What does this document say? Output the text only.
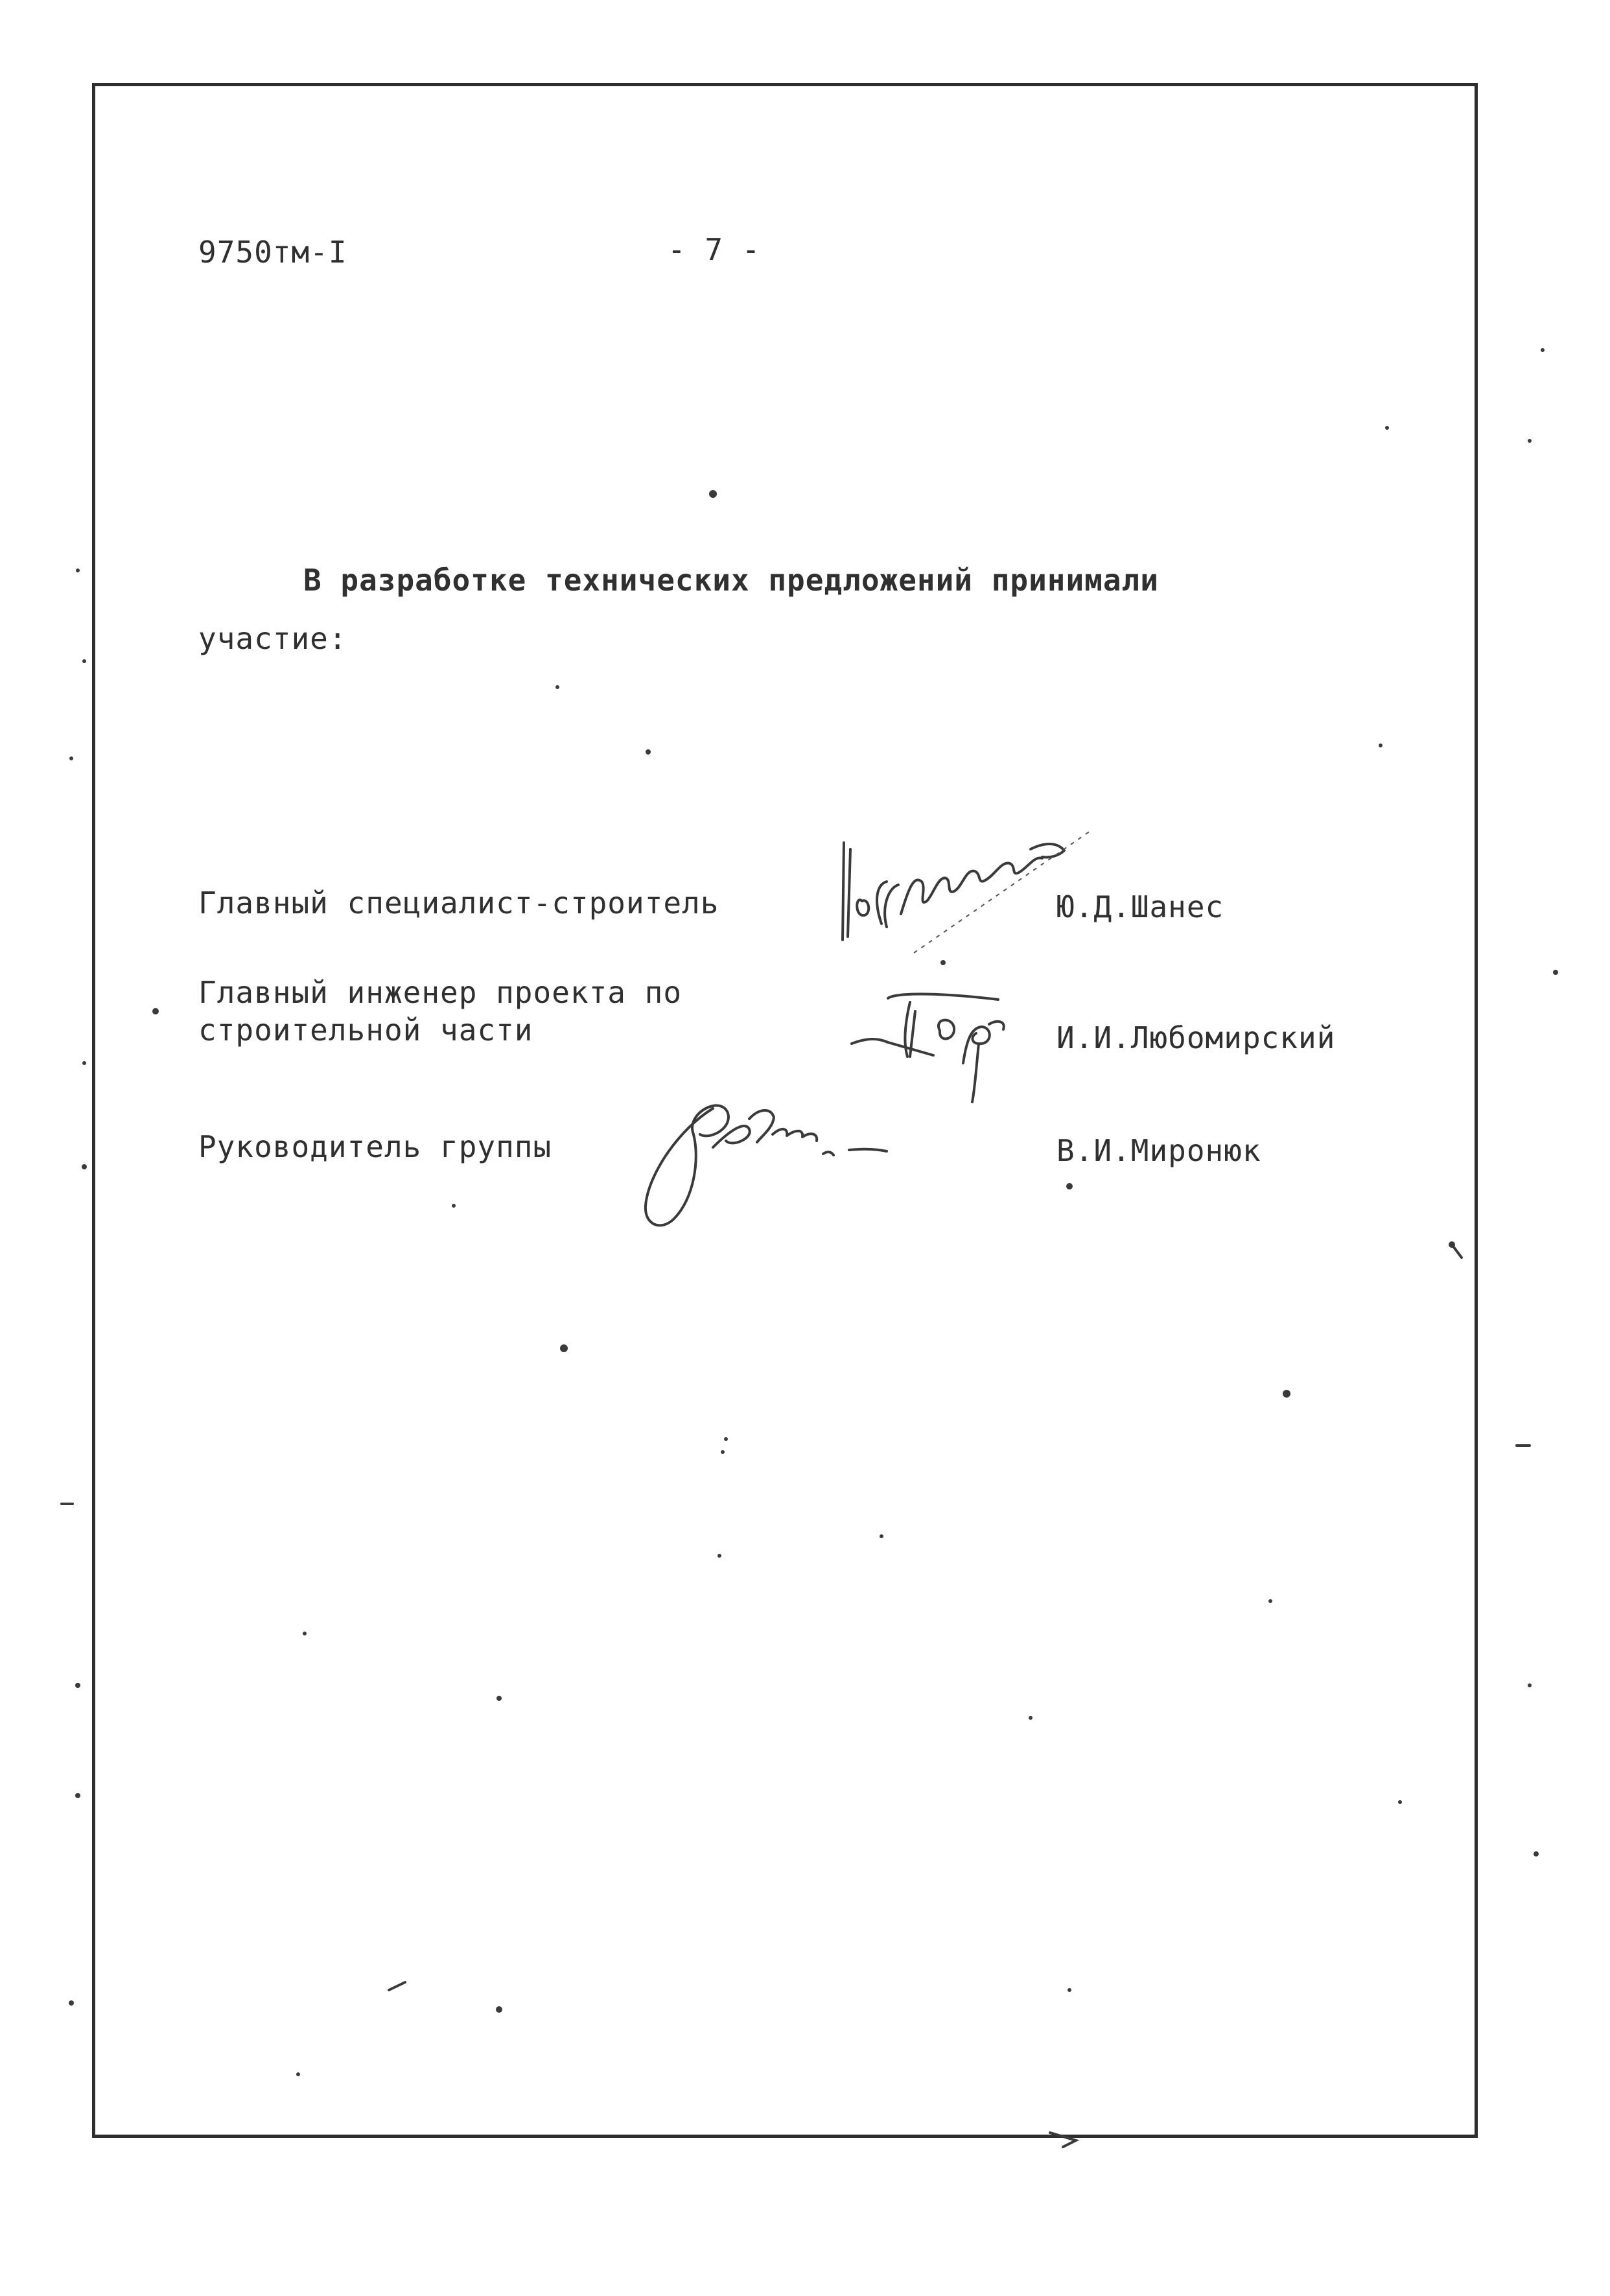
9750тм-I	- 7 -
В разработке технических предложений принимали
участие:
Главный специалист-строитель	Ю.Д.Шанес
Главный инженер проекта по
строительной части	И.И.Любомирский
Руководитель группы	В.И.Миронюк
